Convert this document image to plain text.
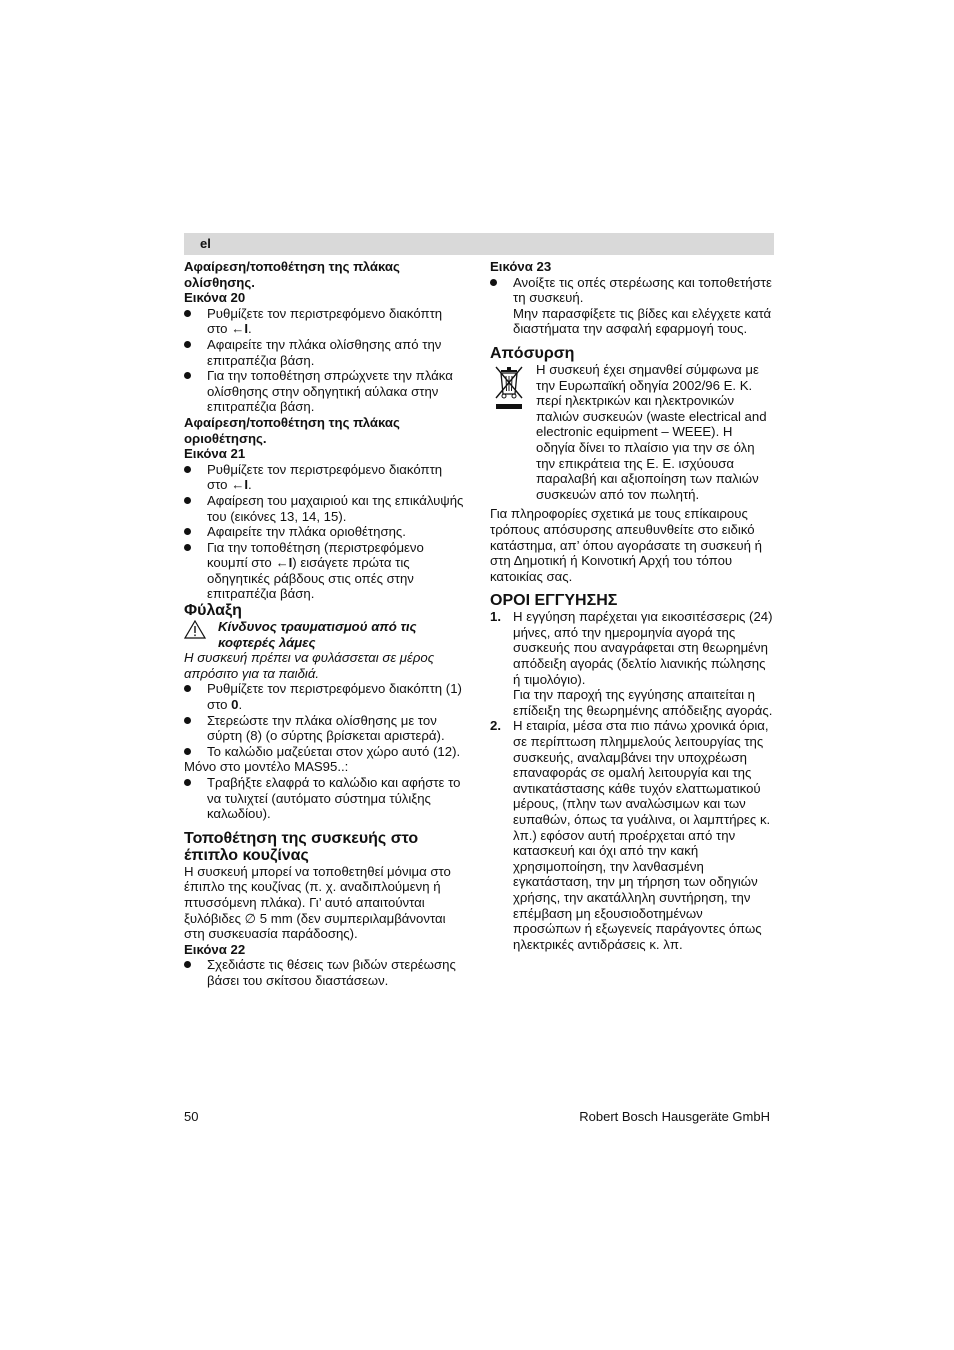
el

Αφαίρεση/τοποθέτηση της πλάκας ολίσθησης.

Εικόνα 20

Ρυθμίζετε τον περιστρεφόμενο διακόπτη στο ←I.
Αφαιρείτε την πλάκα ολίσθησης από την επιτραπέζια βάση.
Για την τοποθέτηση σπρώχνετε την πλάκα ολίσθησης στην οδηγητική αύλακα στην επιτραπέζια βάση.

Αφαίρεση/τοποθέτηση της πλάκας οριοθέτησης.

Εικόνα 21

Ρυθμίζετε τον περιστρεφόμενο διακόπτη στο ←I.
Αφαίρεση του μαχαιριού και της επικάλυψής του (εικόνες 13, 14, 15).
Αφαιρείτε την πλάκα οριοθέτησης.
Για την τοποθέτηση (περιστρεφόμενο κουμπί στο ←I) εισάγετε πρώτα τις οδηγητικές ράβδους στις οπές στην επιτραπέζια βάση.

Φύλαξη

Κίνδυνος τραυματισμού από τις κοφτερές λάμες

Η συσκευή πρέπει να φυλάσσεται σε μέρος απρόσιτο για τα παιδιά.

Ρυθμίζετε τον περιστρεφόμενο διακόπτη (1) στο 0.
Στερεώστε την πλάκα ολίσθησης με τον σύρτη (8) (ο σύρτης βρίσκεται αριστερά).
Το καλώδιο μαζεύεται στον χώρο αυτό (12).

Μόνο στο μοντέλο MAS95..:

Τραβήξτε ελαφρά το καλώδιο και αφήστε το να τυλιχτεί (αυτόματο σύστημα τύλιξης καλωδίου).

Τοποθέτηση της συσκευής στο έπιπλο κουζίνας

Η συσκευή μπορεί να τοποθετηθεί μόνιμα στο έπιπλο της κουζίνας (π. χ. αναδιπλούμενη ή πτυσσόμενη πλάκα). Γι’ αυτό απαιτούνται ξυλόβιδες ∅ 5 mm (δεν συμπεριλαμβάνονται στη συσκευασία παράδοσης).

Εικόνα 22

Σχεδιάστε τις θέσεις των βιδών στερέωσης βάσει του σκίτσου διαστάσεων.

Εικόνα 23

Ανοίξτε τις οπές στερέωσης και τοποθετήστε τη συσκευή.
Μην παρασφίξετε τις βίδες και ελέγχετε κατά διαστήματα την ασφαλή εφαρμογή τους.

Απόσυρση

Η συσκευή έχει σημανθεί σύμφωνα με την Ευρωπαϊκή οδηγία 2002/96 Ε. Κ. περί ηλεκτρικών και ηλεκτρονικών παλιών συσκευών (waste electrical and electronic equipment – WEEE). Η οδηγία δίνει το πλαίσιο για την σε όλη την επικράτεια της Ε. Ε. ισχύουσα παραλαβή και αξιοποίηση των παλιών συσκευών από τον πωλητή.

Για πληροφορίες σχετικά με τους επίκαιρους τρόπους απόσυρσης απευθυνθείτε στο ειδικό κατάστημα, απ’ όπου αγοράσατε τη συσκευή ή στη Δημοτική ή Κοινοτική Αρχή του τόπου κατοικίας σας.

ΟΡΟΙ ΕΓΓΥΗΣΗΣ

1. Η εγγύηση παρέχεται για εικοσιτέσσερις (24) μήνες, από την ημερομηνία αγορά της συσκευής που αναγράφεται στη θεωρημένη απόδειξη αγοράς (δελτίο λιανικής πώλησης ή τιμολόγιο).
Για την παροχή της εγγύησης απαιτείται η επίδειξη της θεωρημένης απόδειξης αγοράς.
2. Η εταιρία, μέσα στα πιο πάνω χρονικά όρια, σε περίπτωση πλημμελούς λειτουργίας της συσκευής, αναλαμβάνει την υποχρέωση επαναφοράς σε ομαλή λειτουργία και της αντικατάστασης κάθε τυχόν ελαττωματικού μέρους, (πλην των αναλώσιμων και των ευπαθών, όπως τα γυάλινα, οι λαμπτήρες κ. λπ.) εφόσον αυτή προέρχεται από την κατασκευή και όχι από την κακή χρησιμοποίηση, την λανθασμένη εγκατάσταση, την μη τήρηση των οδηγιών χρήσης, την ακατάλληλη συντήρηση, την επέμβαση μη εξουσιοδοτημένων προσώπων ή εξωγενείς παράγοντες όπως ηλεκτρικές αντιδράσεις κ. λπ.
50	Robert Bosch Hausgeräte GmbH
